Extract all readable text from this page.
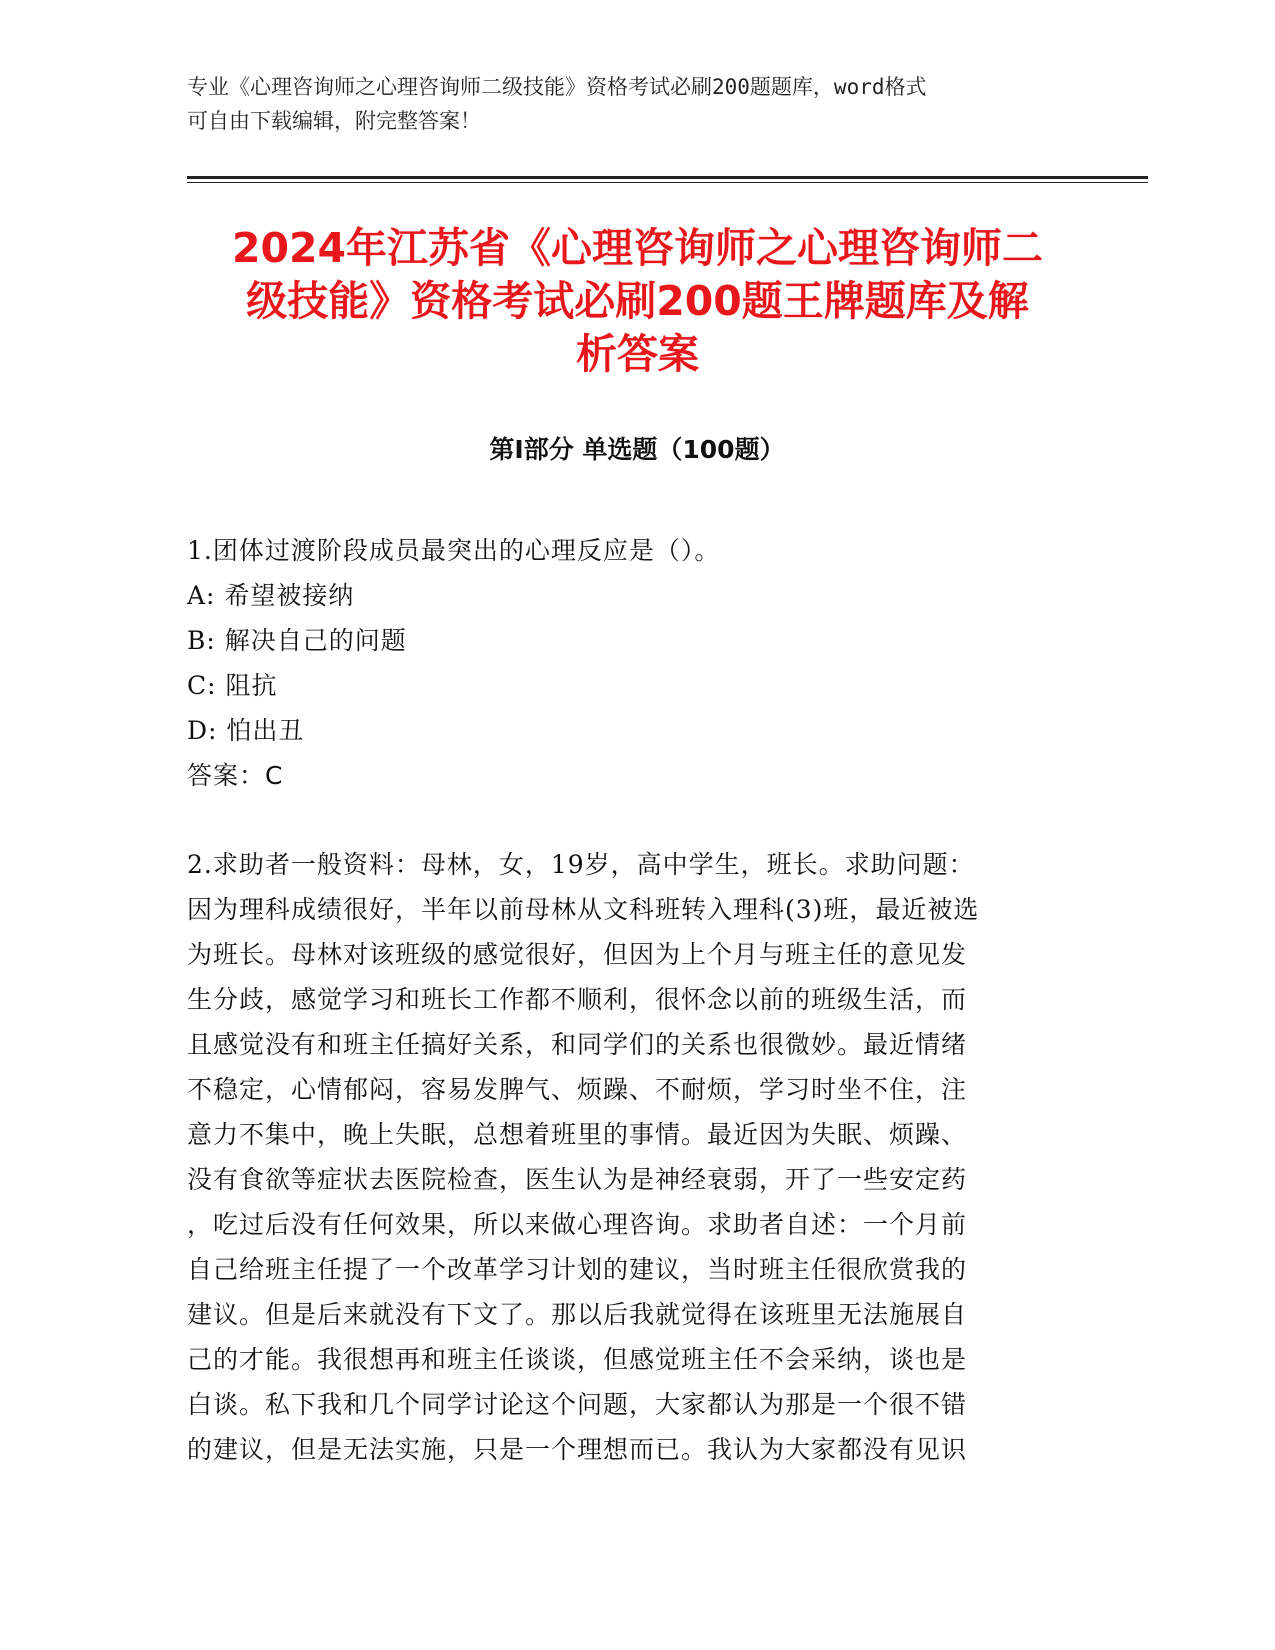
专业《心理咨询师之心理咨询师二级技能》资格考试必刷200题题库，word格式

可自由下载编辑，附完整答案！

2024年江苏省《心理咨询师之心理咨询师二
级技能》资格考试必刷200题王牌题库及解
析答案
第Ⅰ部分 单选题（100题）

1.团体过渡阶段成员最突出的心理反应是（）。

A: 希望被接纳

B: 解决自己的问题

C: 阻抗

D: 怕出丑

答案：C

2.求助者一般资料：母林，女，19岁，高中学生，班长。求助问题：

因为理科成绩很好，半年以前母林从文科班转入理科(3)班，最近被选

为班长。母林对该班级的感觉很好，但因为上个月与班主任的意见发

生分歧，感觉学习和班长工作都不顺利，很怀念以前的班级生活，而

且感觉没有和班主任搞好关系，和同学们的关系也很微妙。最近情绪

不稳定，心情郁闷，容易发脾气、烦躁、不耐烦，学习时坐不住，注

意力不集中，晚上失眠，总想着班里的事情。最近因为失眠、烦躁、

没有食欲等症状去医院检查，医生认为是神经衰弱，开了一些安定药

，吃过后没有任何效果，所以来做心理咨询。求助者自述：一个月前

自己给班主任提了一个改革学习计划的建议，当时班主任很欣赏我的

建议。但是后来就没有下文了。那以后我就觉得在该班里无法施展自

己的才能。我很想再和班主任谈谈，但感觉班主任不会采纳，谈也是

白谈。私下我和几个同学讨论这个问题，大家都认为那是一个很不错

的建议，但是无法实施，只是一个理想而已。我认为大家都没有见识
